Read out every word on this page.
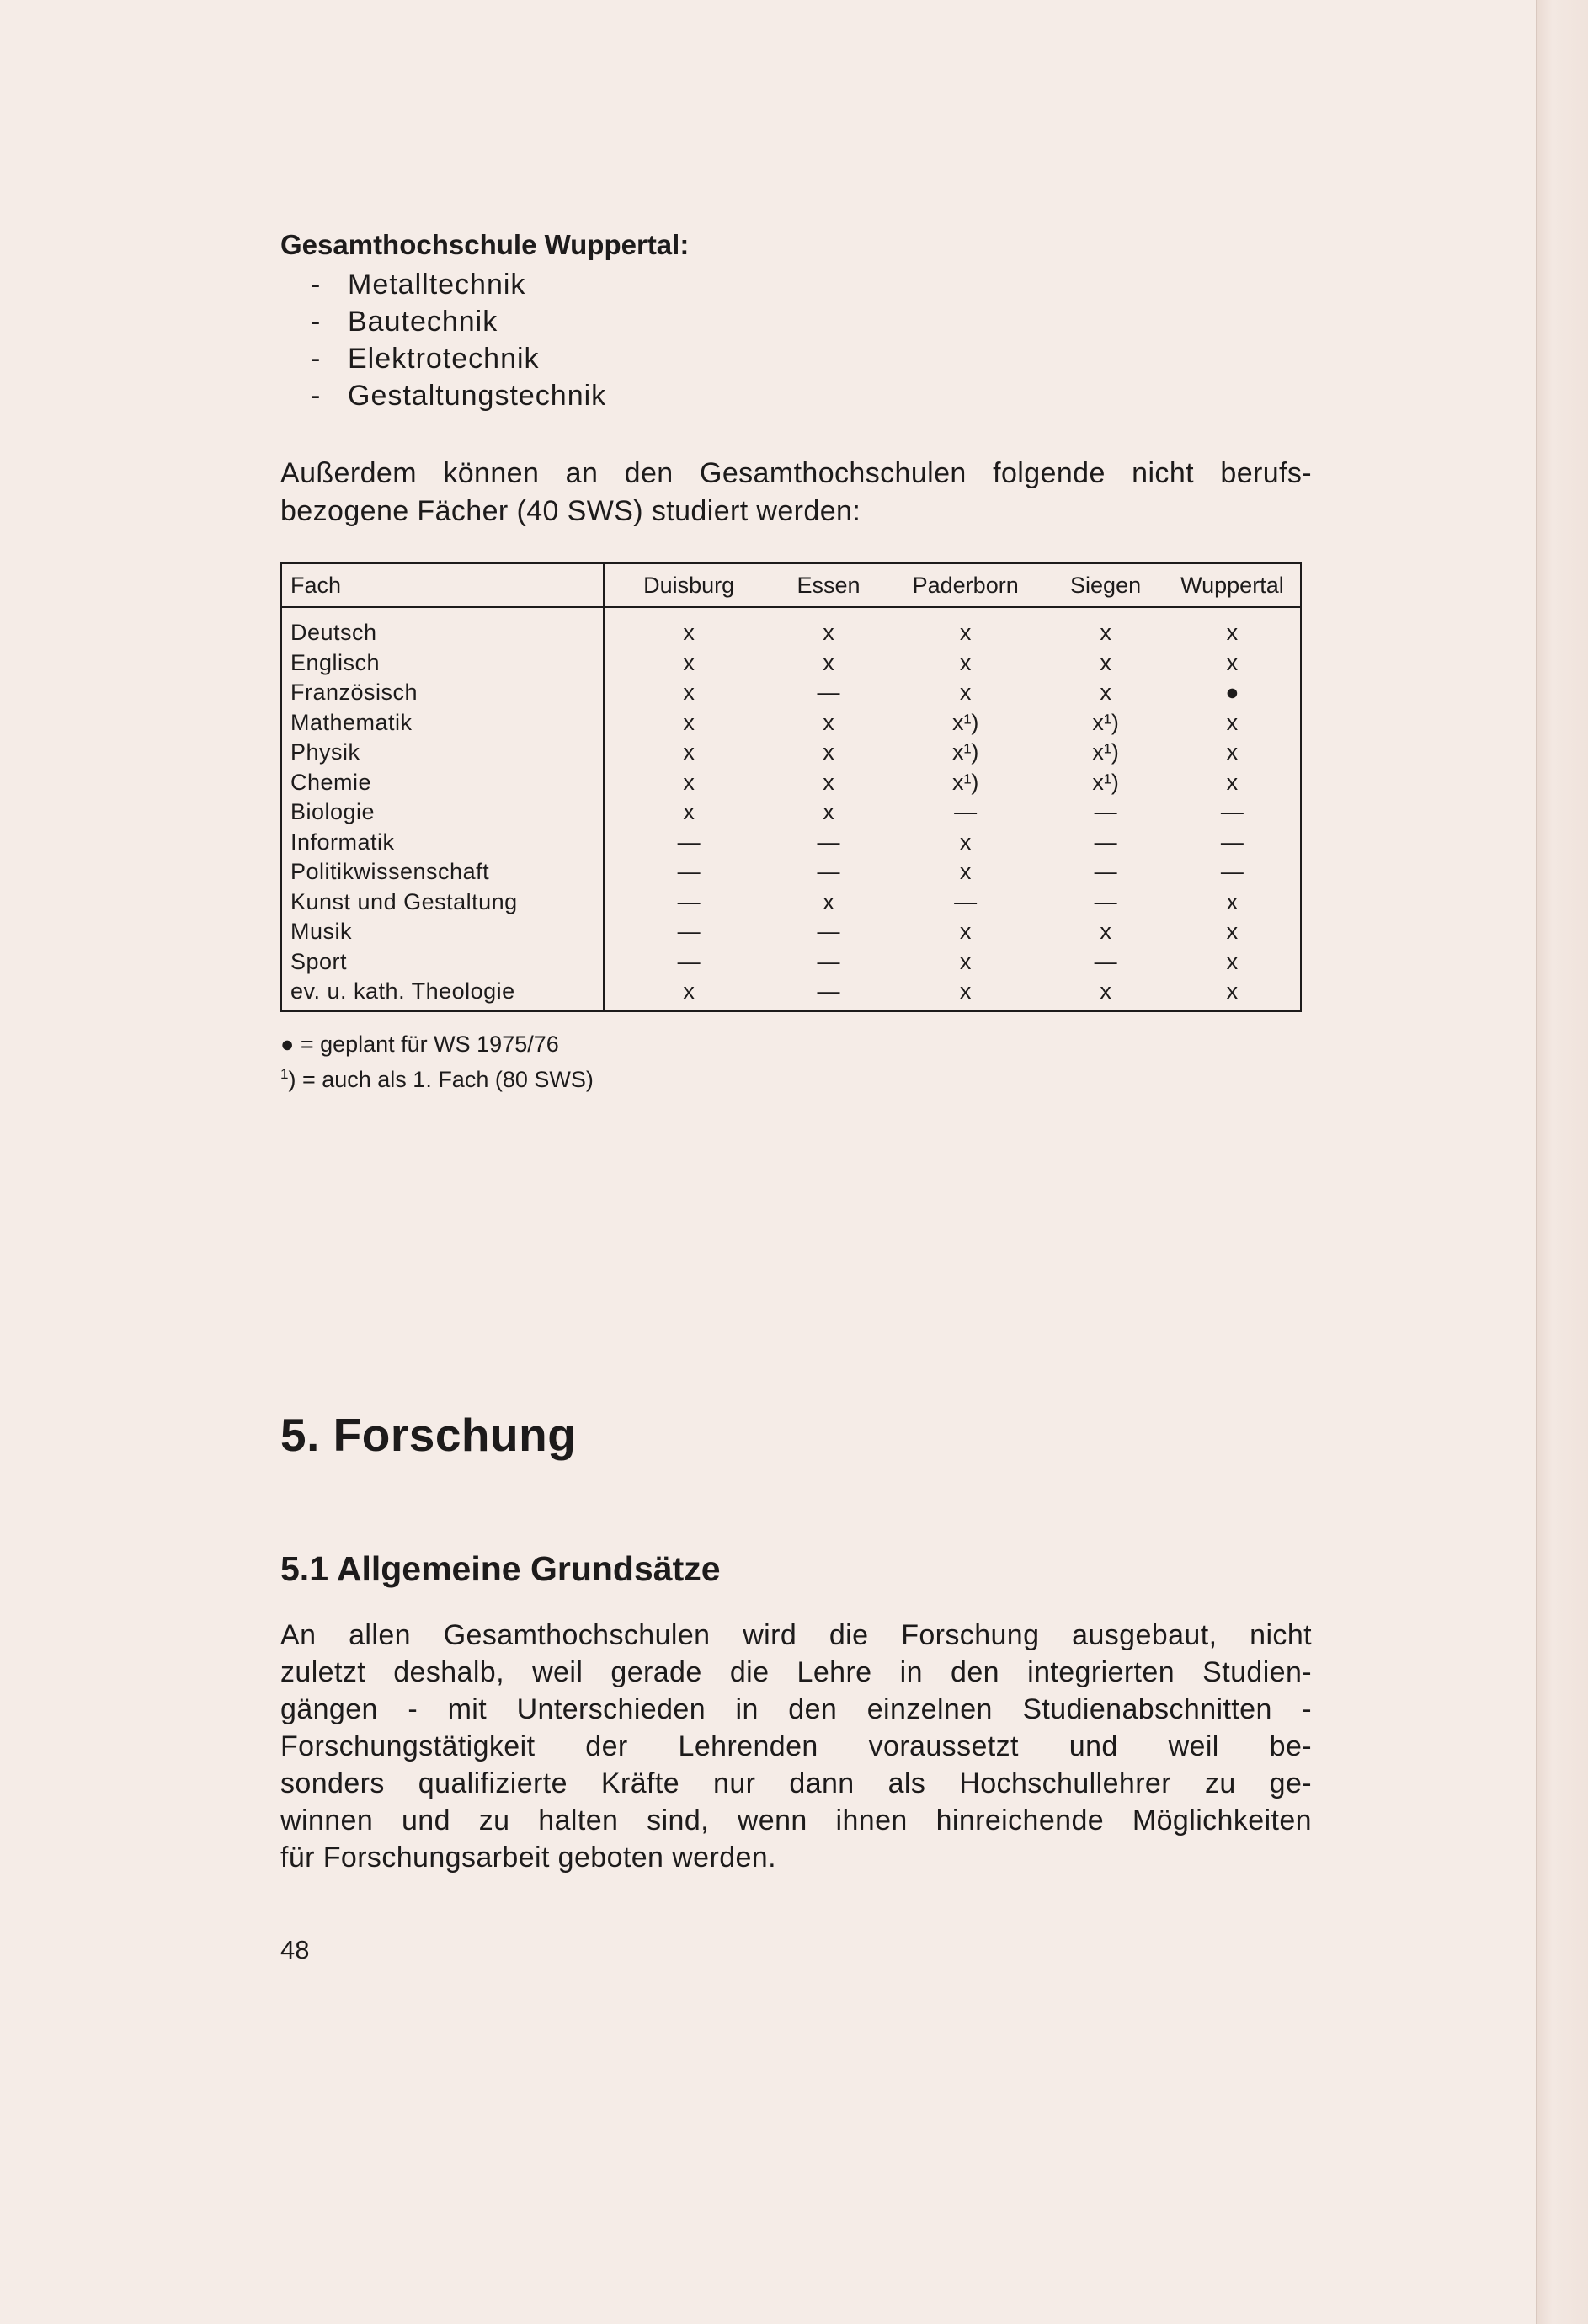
Gesamthochschule Wuppertal:
- Metalltechnik
- Bautechnik
- Elektrotechnik
- Gestaltungstechnik
Außerdem können an den Gesamthochschulen folgende nicht berufs-
bezogene Fächer (40 SWS) studiert werden:
Fach	Duisburg	Essen	Paderborn	Siegen	Wuppertal
Deutsch	x	x	x	x	x
Englisch	x	x	x	x	x
Französisch	x	—	x	x	●
Mathematik	x	x	x¹)	x¹)	x
Physik	x	x	x¹)	x¹)	x
Chemie	x	x	x¹)	x¹)	x
Biologie	x	x	—	—	—
Informatik	—	—	x	—	—
Politikwissenschaft	—	—	x	—	—
Kunst und Gestaltung	—	x	—	—	x
Musik	—	—	x	x	x
Sport	—	—	x	—	x
ev. u. kath. Theologie	x	—	x	x	x
● = geplant für WS 1975/76
$^1$) = auch als 1. Fach (80 SWS)
5. Forschung
5.1 Allgemeine Grundsätze
An allen Gesamthochschulen wird die Forschung ausgebaut, nicht
zuletzt deshalb, weil gerade die Lehre in den integrierten Studien-
gängen - mit Unterschieden in den einzelnen Studienabschnitten -
Forschungstätigkeit der Lehrenden voraussetzt und weil be-
sonders qualifizierte Kräfte nur dann als Hochschullehrer zu ge-
winnen und zu halten sind, wenn ihnen hinreichende Möglichkeiten
für Forschungsarbeit geboten werden.
48
